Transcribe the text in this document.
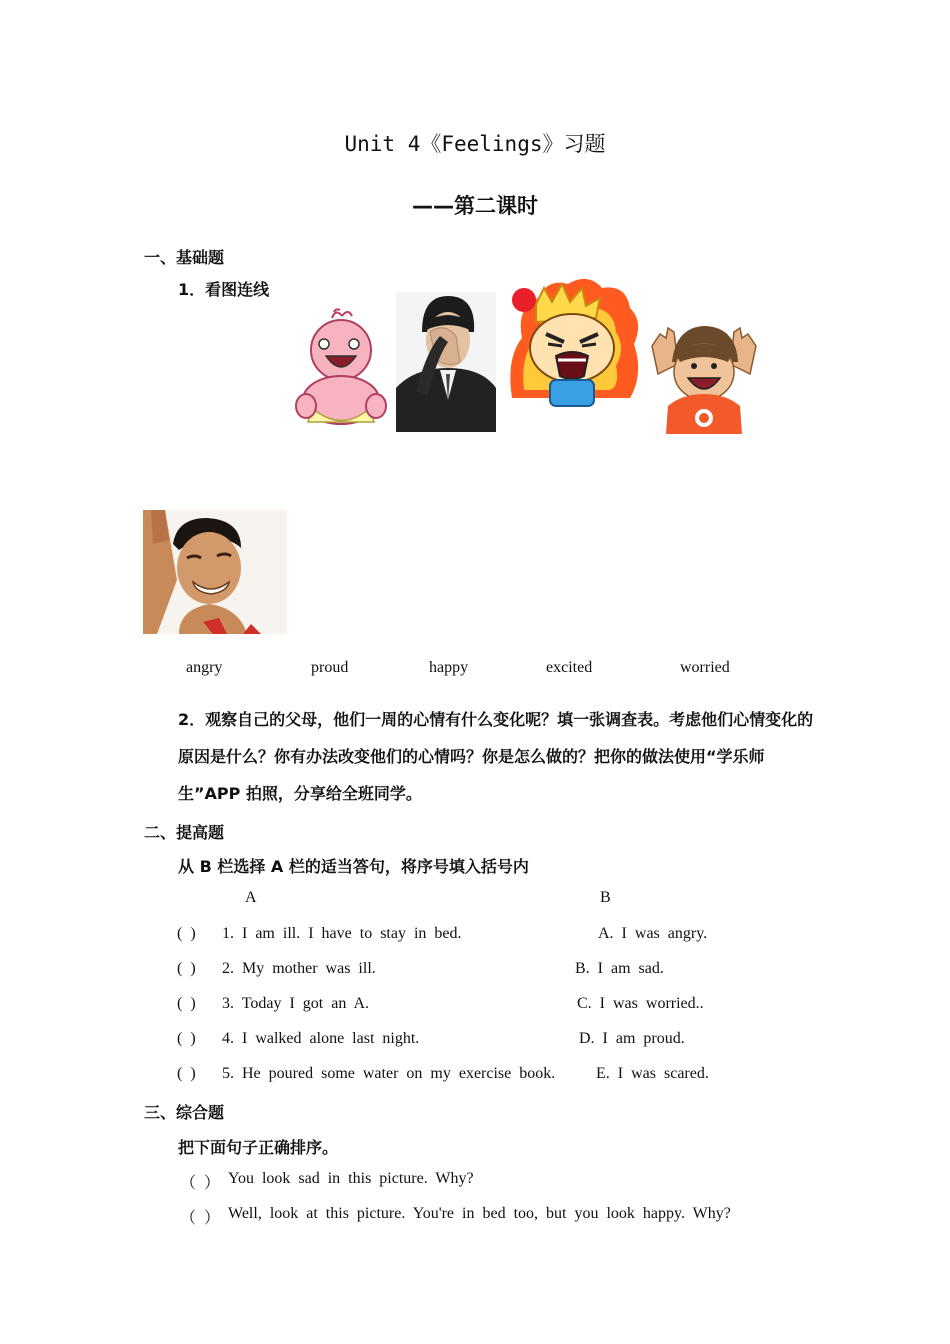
Unit 4《Feelings》习题
——第二课时
一、基础题
1．看图连线
angry	proud	happy	excited	worried
2．观察自己的父母，他们一周的心情有什么变化呢？填一张调查表。考虑他们心情变化的原因是什么？你有办法改变他们的心情吗？你是怎么做的？把你的做法使用“学乐师生”APP 拍照，分享给全班同学。
二、提高题
从 B 栏选择 A 栏的适当答句，将序号填入括号内
A	B
( ) 1. I am ill. I have to stay in bed.	A. I was angry.
( ) 2. My mother was ill.	B. I am sad.
( ) 3. Today I got an A.	C. I was worried..
( ) 4. I walked alone last night.	D. I am proud.
( ) 5. He poured some water on my exercise book.	E. I was scared.
三、综合题
把下面句子正确排序。
（ ） You look sad in this picture. Why?
（ ） Well, look at this picture. You're in bed too, but you look happy. Why?
